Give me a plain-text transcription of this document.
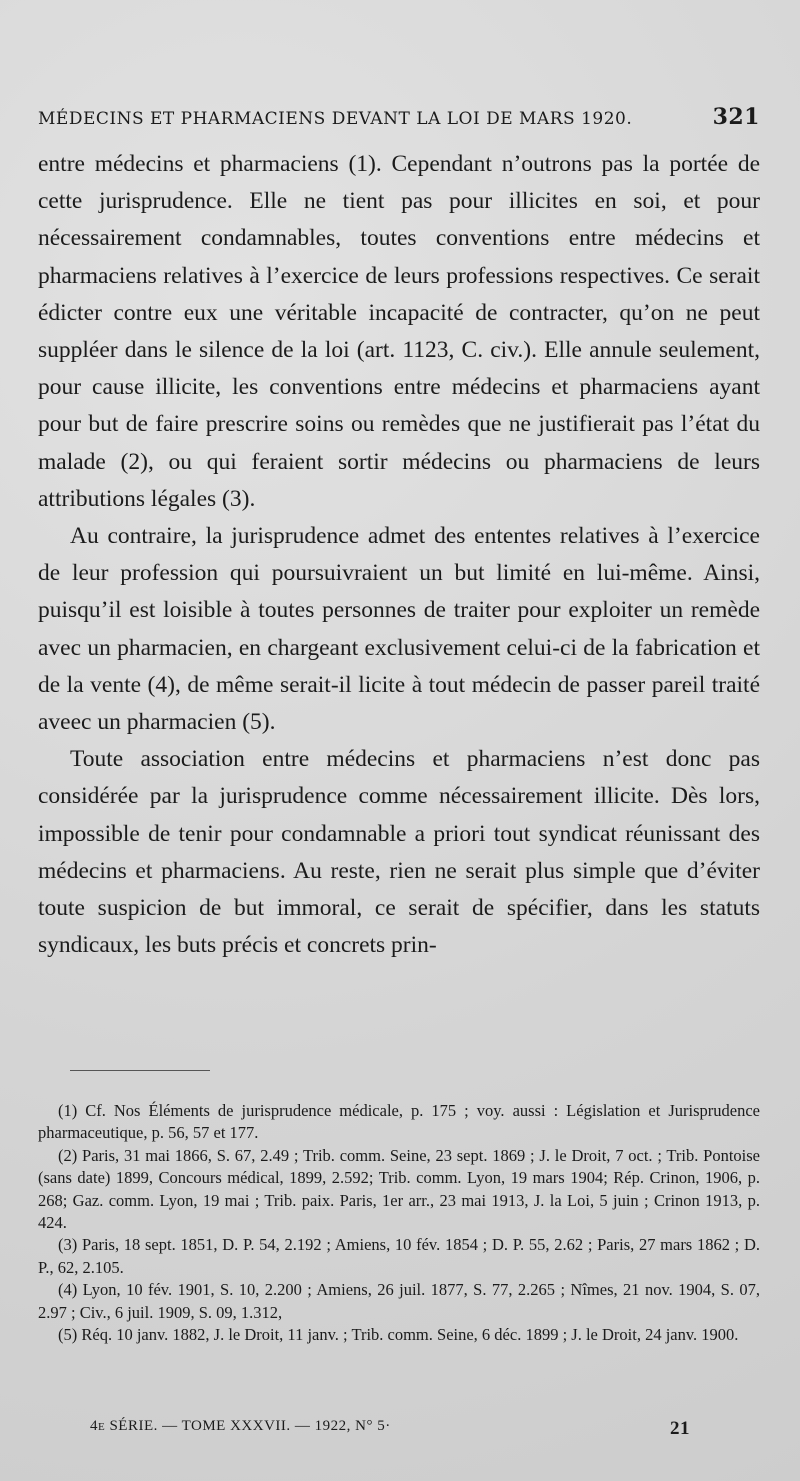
MÉDECINS ET PHARMACIENS DEVANT LA LOI DE MARS 1920.	321

entre médecins et pharmaciens (1). Cependant n’outrons pas la portée de cette jurisprudence. Elle ne tient pas pour illicites en soi, et pour nécessairement condamnables, toutes conventions entre médecins et pharmaciens relatives à l’exercice de leurs professions respectives. Ce serait édicter contre eux une véritable incapacité de contracter, qu’on ne peut suppléer dans le silence de la loi (art. 1123, C. civ.). Elle annule seulement, pour cause illicite, les conventions entre médecins et pharmaciens ayant pour but de faire prescrire soins ou remèdes que ne justifierait pas l’état du malade (2), ou qui feraient sortir médecins ou pharmaciens de leurs attributions légales (3).

Au contraire, la jurisprudence admet des ententes relatives à l’exercice de leur profession qui poursuivraient un but limité en lui-même. Ainsi, puisqu’il est loisible à toutes personnes de traiter pour exploiter un remède avec un pharmacien, en chargeant exclusivement celui-ci de la fabrication et de la vente (4), de même serait-il licite à tout médecin de passer pareil traité aveec un pharmacien (5).

Toute association entre médecins et pharmaciens n’est donc pas considérée par la jurisprudence comme nécessairement illicite. Dès lors, impossible de tenir pour condamnable a priori tout syndicat réunissant des médecins et pharmaciens. Au reste, rien ne serait plus simple que d’éviter toute suspicion de but immoral, ce serait de spécifier, dans les statuts syndicaux, les buts précis et concrets prin-

(1) Cf. Nos Éléments de jurisprudence médicale, p. 175 ; voy. aussi : Législation et Jurisprudence pharmaceutique, p. 56, 57 et 177.

(2) Paris, 31 mai 1866, S. 67, 2.49 ; Trib. comm. Seine, 23 sept. 1869 ; J. le Droit, 7 oct. ; Trib. Pontoise (sans date) 1899, Concours médical, 1899, 2.592; Trib. comm. Lyon, 19 mars 1904; Rép. Crinon, 1906, p. 268; Gaz. comm. Lyon, 19 mai ; Trib. paix. Paris, 1er arr., 23 mai 1913, J. la Loi, 5 juin ; Crinon 1913, p. 424.

(3) Paris, 18 sept. 1851, D. P. 54, 2.192 ; Amiens, 10 fév. 1854 ; D. P. 55, 2.62 ; Paris, 27 mars 1862 ; D. P., 62, 2.105.

(4) Lyon, 10 fév. 1901, S. 10, 2.200 ; Amiens, 26 juil. 1877, S. 77, 2.265 ; Nîmes, 21 nov. 1904, S. 07, 2.97 ; Civ., 6 juil. 1909, S. 09, 1.312,

(5) Réq. 10 janv. 1882, J. le Droit, 11 janv. ; Trib. comm. Seine, 6 déc. 1899 ; J. le Droit, 24 janv. 1900.

4e SÉRIE. — TOME XXXVII. — 1922, N° 5·	21
